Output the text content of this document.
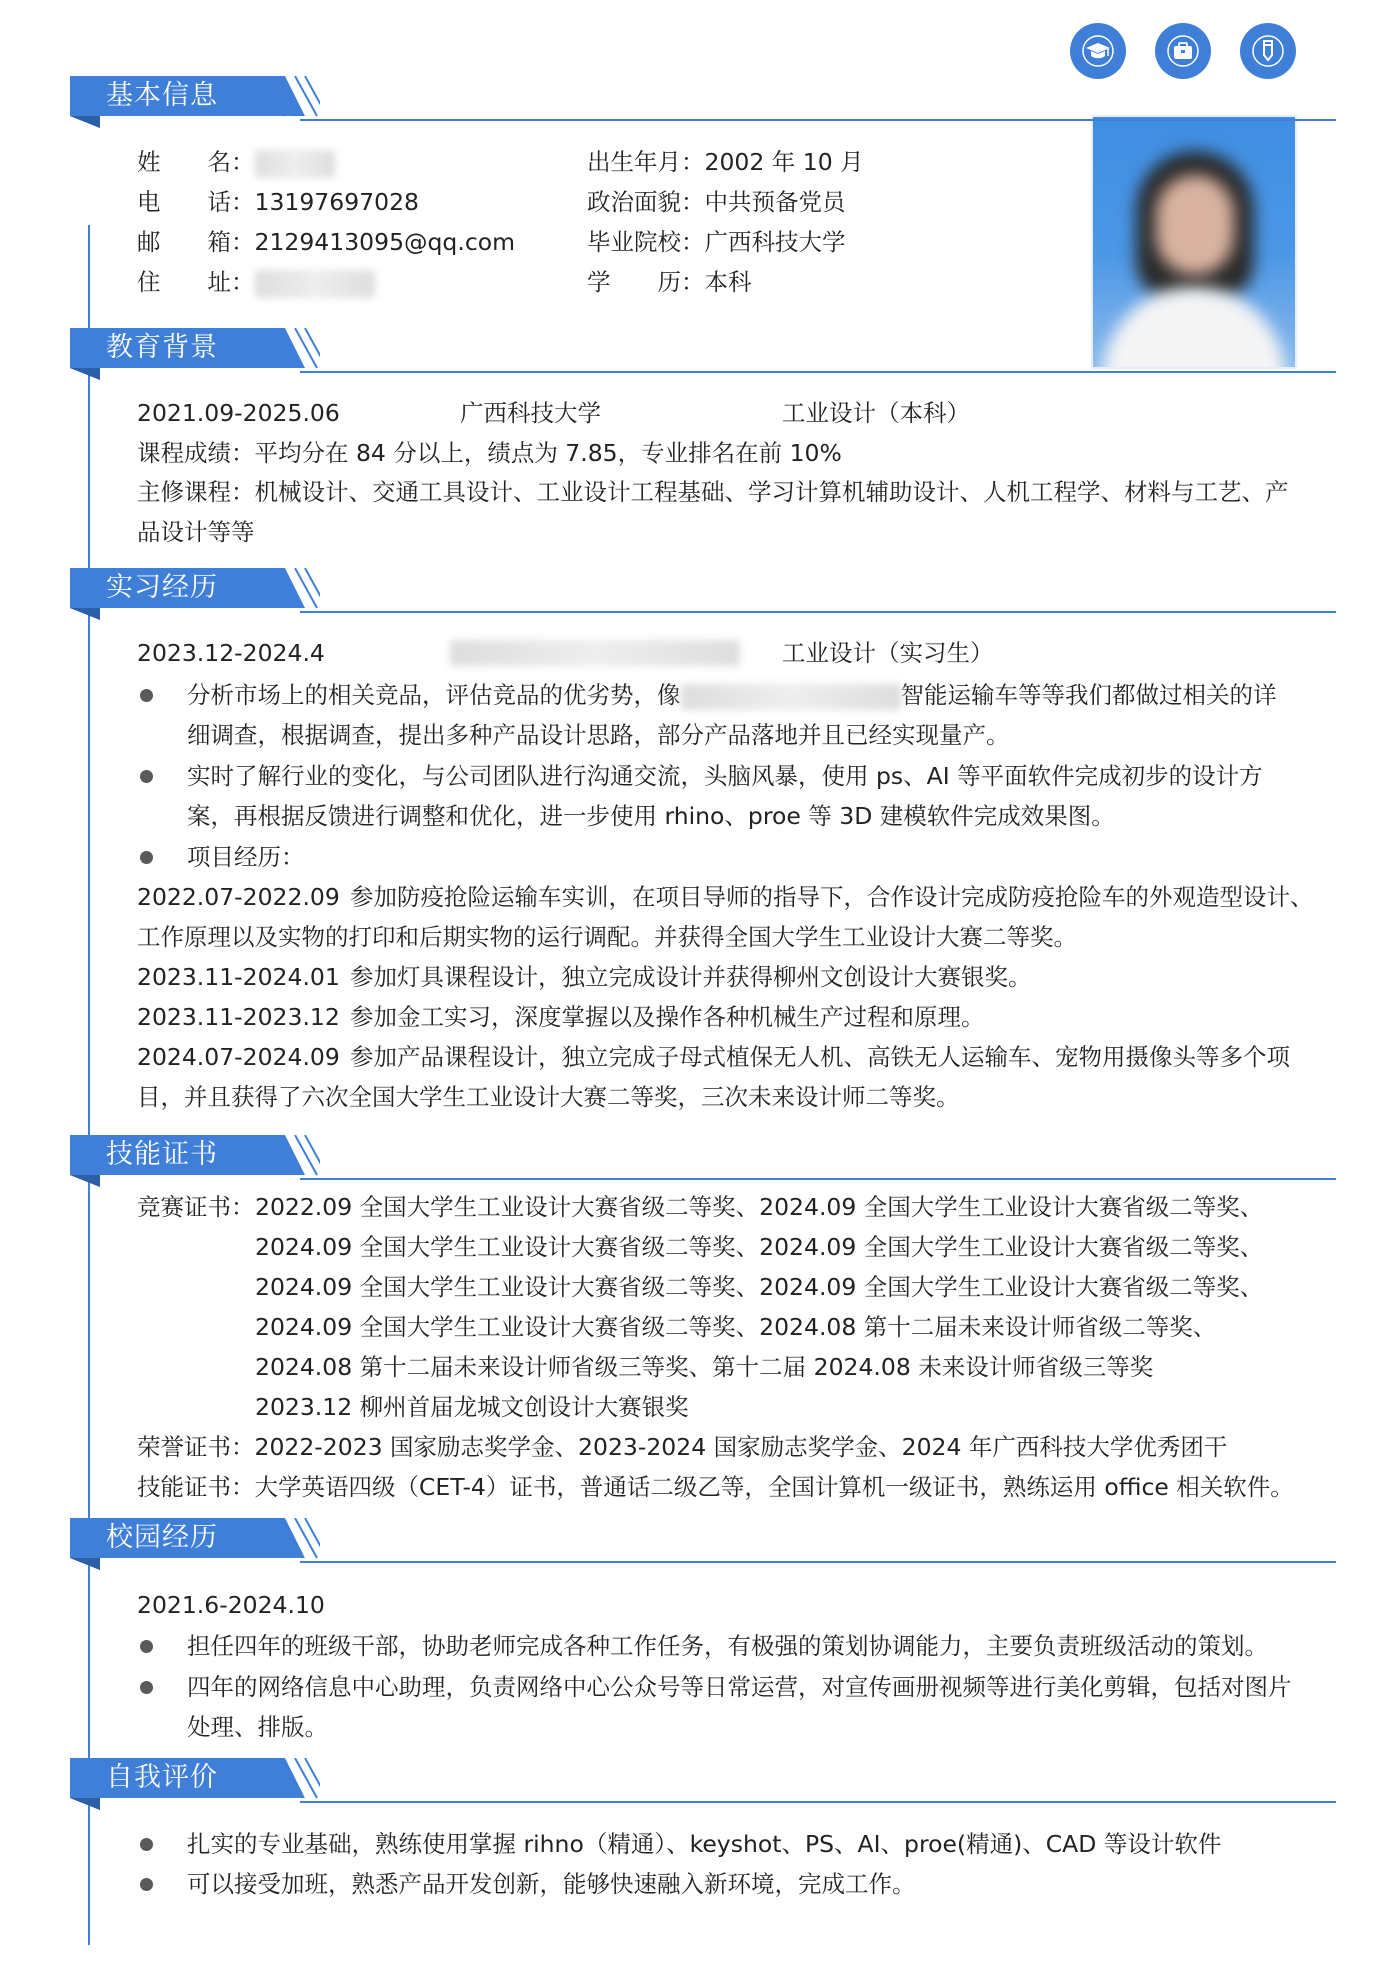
基本信息
姓　　名：
电　　话：13197697028
邮　　箱：2129413095@qq.com
住　　址：
出生年月：2002 年 10 月
政治面貌：中共预备党员
毕业院校：广西科技大学
学　　历：本科
教育背景
2021.09-2025.06	广西科技大学	工业设计（本科）
课程成绩：平均分在 84 分以上，绩点为 7.85，专业排名在前 10%
主修课程：机械设计、交通工具设计、工业设计工程基础、学习计算机辅助设计、人机工程学、材料与工艺、产品设计等等
实习经历
2023.12-2024.4	工业设计（实习生）
分析市场上的相关竞品，评估竞品的优劣势，像	智能运输车等等我们都做过相关的详
细调查，根据调查，提出多种产品设计思路，部分产品落地并且已经实现量产。
实时了解行业的变化，与公司团队进行沟通交流，头脑风暴，使用 ps、AI 等平面软件完成初步的设计方案，再根据反馈进行调整和优化，进一步使用 rhino、proe 等 3D 建模软件完成效果图。
项目经历：
2022.07-2022.09 参加防疫抢险运输车实训，在项目导师的指导下，合作设计完成防疫抢险车的外观造型设计、
工作原理以及实物的打印和后期实物的运行调配。并获得全国大学生工业设计大赛二等奖。
2023.11-2024.01 参加灯具课程设计，独立完成设计并获得柳州文创设计大赛银奖。
2023.11-2023.12 参加金工实习，深度掌握以及操作各种机械生产过程和原理。
2024.07-2024.09 参加产品课程设计，独立完成子母式植保无人机、高铁无人运输车、宠物用摄像头等多个项
目，并且获得了六次全国大学生工业设计大赛二等奖，三次未来设计师二等奖。
技能证书
竞赛证书： 2022.09 全国大学生工业设计大赛省级二等奖、2024.09 全国大学生工业设计大赛省级二等奖、
2024.09 全国大学生工业设计大赛省级二等奖、2024.09 全国大学生工业设计大赛省级二等奖、
2024.09 全国大学生工业设计大赛省级二等奖、2024.09 全国大学生工业设计大赛省级二等奖、
2024.09 全国大学生工业设计大赛省级二等奖、2024.08 第十二届未来设计师省级二等奖、
2024.08 第十二届未来设计师省级三等奖、第十二届 2024.08 未来设计师省级三等奖
2023.12 柳州首届龙城文创设计大赛银奖
荣誉证书：2022-2023 国家励志奖学金、2023-2024 国家励志奖学金、2024 年广西科技大学优秀团干
技能证书：大学英语四级（CET-4）证书，普通话二级乙等，全国计算机一级证书，熟练运用 office 相关软件。
校园经历
2021.6-2024.10
担任四年的班级干部，协助老师完成各种工作任务，有极强的策划协调能力，主要负责班级活动的策划。
四年的网络信息中心助理，负责网络中心公众号等日常运营，对宣传画册视频等进行美化剪辑，包括对图片
处理、排版。
自我评价
扎实的专业基础，熟练使用掌握 rihno（精通）、keyshot、PS、AI、proe(精通)、CAD 等设计软件
可以接受加班，熟悉产品开发创新，能够快速融入新环境，完成工作。
